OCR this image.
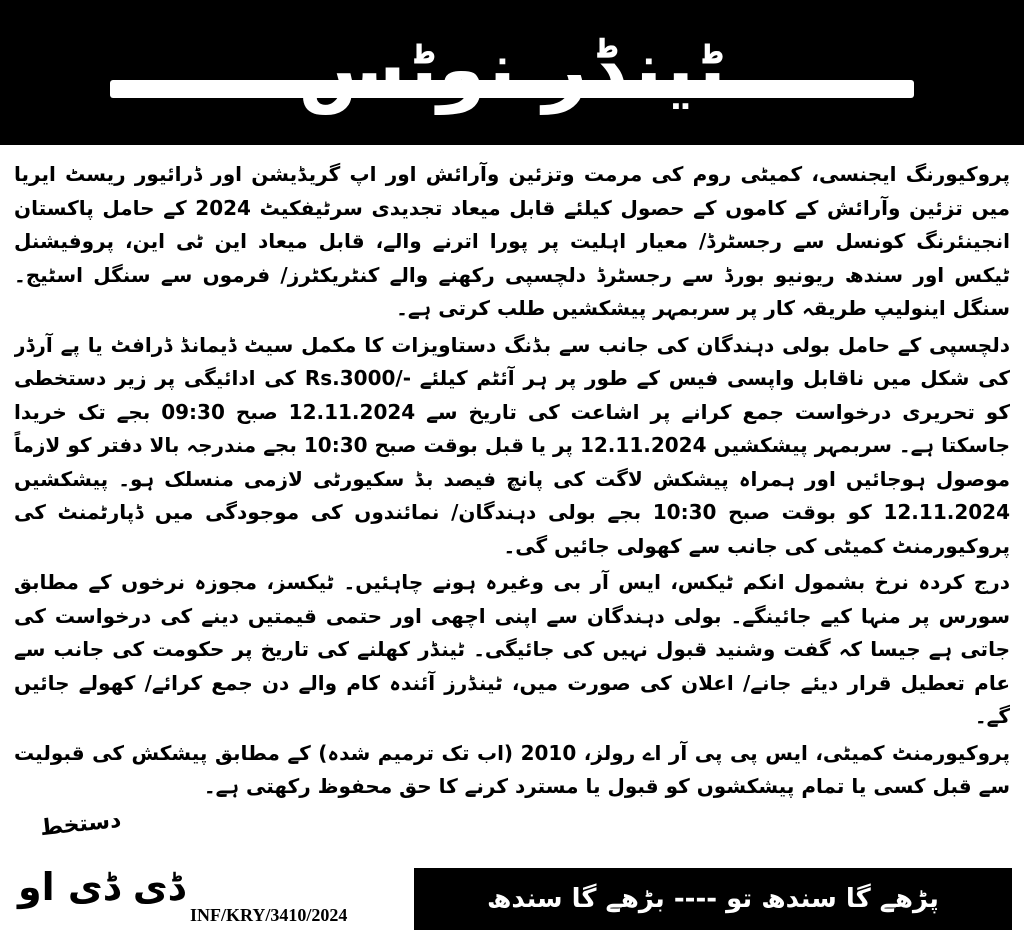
ٹینڈر نوٹس

پروکیورنگ ایجنسی، کمیٹی روم کی مرمت وتزئین وآرائش اور اپ گریڈیشن اور ڈرائیور ریسٹ ایریا میں تزئین وآرائش کے کاموں کے حصول کیلئے قابل میعاد تجدیدی سرٹیفکیٹ 2024 کے حامل پاکستان انجینئرنگ کونسل سے رجسٹرڈ/ معیار اہلیت پر پورا اترنے والے، قابل میعاد این ٹی این، پروفیشنل ٹیکس اور سندھ ریونیو بورڈ سے رجسٹرڈ دلچسپی رکھنے والے کنٹریکٹرز/ فرموں سے سنگل اسٹیج۔ سنگل اینولیپ طریقہ کار پر سربمہر پیشکشیں طلب کرتی ہے۔

دلچسپی کے حامل بولی دہندگان کی جانب سے بڈنگ دستاویزات کا مکمل سیٹ ڈیمانڈ ڈرافٹ یا پے آرڈر کی شکل میں ناقابل واپسی فیس کے طور پر ہر آئٹم کیلئے -/Rs.3000 کی ادائیگی پر زیر دستخطی کو تحریری درخواست جمع کرانے پر اشاعت کی تاریخ سے 12.11.2024 صبح 09:30 بجے تک خریدا جاسکتا ہے۔ سربمہر پیشکشیں 12.11.2024 پر یا قبل بوقت صبح 10:30 بجے مندرجہ بالا دفتر کو لازماً موصول ہوجائیں اور ہمراہ پیشکش لاگت کی پانچ فیصد بڈ سکیورٹی لازمی منسلک ہو۔ پیشکشیں 12.11.2024 کو بوقت صبح 10:30 بجے بولی دہندگان/ نمائندوں کی موجودگی میں ڈپارٹمنٹ کی پروکیورمنٹ کمیٹی کی جانب سے کھولی جائیں گی۔

درج کردہ نرخ بشمول انکم ٹیکس، ایس آر بی وغیرہ ہونے چاہئیں۔ ٹیکسز، مجوزہ نرخوں کے مطابق سورس پر منہا کیے جائینگے۔ بولی دہندگان سے اپنی اچھی اور حتمی قیمتیں دینے کی درخواست کی جاتی ہے جیسا کہ گفت وشنید قبول نہیں کی جائیگی۔ ٹینڈر کھلنے کی تاریخ پر حکومت کی جانب سے عام تعطیل قرار دیئے جانے/ اعلان کی صورت میں، ٹینڈرز آئندہ کام والے دن جمع کرائے/ کھولے جائیں گے۔

پروکیورمنٹ کمیٹی، ایس پی پی آر اے رولز، 2010 (اب تک ترمیم شدہ) کے مطابق پیشکش کی قبولیت سے قبل کسی یا تمام پیشکشوں کو قبول یا مسترد کرنے کا حق محفوظ رکھتی ہے۔

دستخط
ڈی ڈی او
INF/KRY/3410/2024
پڑھے گا سندھ تو ---- بڑھے گا سندھ
